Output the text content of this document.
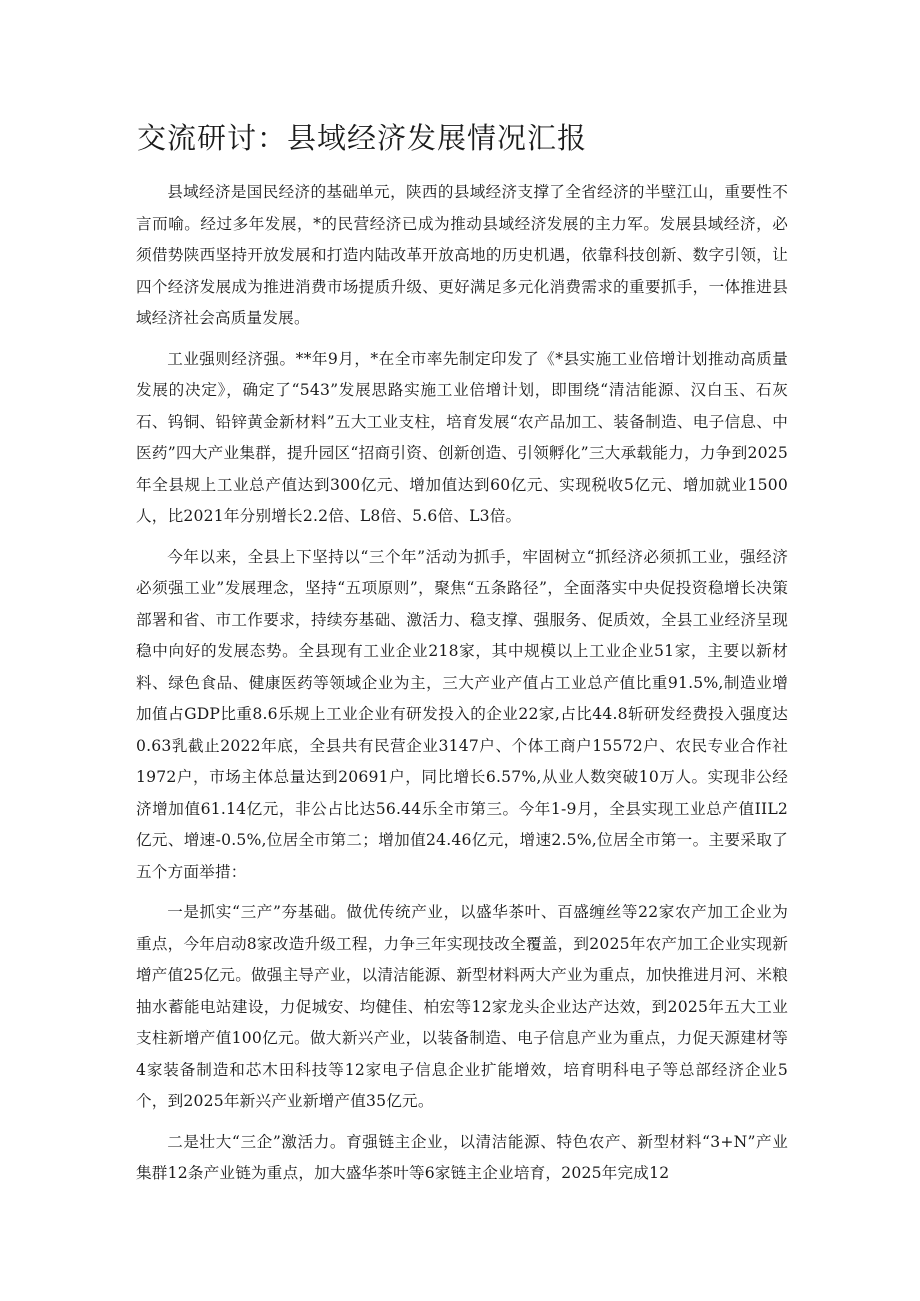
交流研讨：县域经济发展情况汇报

县域经济是国民经济的基础单元，陕西的县域经济支撑了全省经济的半壁江山，重要性不言而喻。经过多年发展，*的民营经济已成为推动县域经济发展的主力军。发展县域经济，必须借势陕西坚持开放发展和打造内陆改革开放高地的历史机遇，依靠科技创新、数字引领，让四个经济发展成为推进消费市场提质升级、更好满足多元化消费需求的重要抓手，一体推进县域经济社会高质量发展。

工业强则经济强。**年9月，*在全市率先制定印发了《*县实施工业倍增计划推动高质量发展的决定》，确定了“543”发展思路实施工业倍增计划，即围绕“清洁能源、汉白玉、石灰石、钨铜、铅锌黄金新材料”五大工业支柱，培育发展“农产品加工、装备制造、电子信息、中医药”四大产业集群，提升园区“招商引资、创新创造、引领孵化”三大承载能力，力争到2025年全县规上工业总产值达到300亿元、增加值达到60亿元、实现税收5亿元、增加就业1500人，比2021年分别增长2.2倍、L8倍、5.6倍、L3倍。

今年以来，全县上下坚持以“三个年”活动为抓手，牢固树立“抓经济必须抓工业，强经济必须强工业”发展理念，坚持“五项原则”，聚焦“五条路径”，全面落实中央促投资稳增长决策部署和省、市工作要求，持续夯基础、激活力、稳支撑、强服务、促质效，全县工业经济呈现稳中向好的发展态势。全县现有工业企业218家，其中规模以上工业企业51家，主要以新材料、绿色食品、健康医药等领域企业为主，三大产业产值占工业总产值比重91.5%,制造业增加值占GDP比重8.6乐规上工业企业有研发投入的企业22家,占比44.8斩研发经费投入强度达0.63乳截止2022年底，全县共有民营企业3147户、个体工商户15572户、农民专业合作社1972户，市场主体总量达到20691户，同比增长6.57%,从业人数突破10万人。实现非公经济增加值61.14亿元，非公占比达56.44乐全市第三。今年1-9月，全县实现工业总产值IIL2亿元、增速-0.5%,位居全市第二；增加值24.46亿元，增速2.5%,位居全市第一。主要采取了五个方面举措：

一是抓实“三产”夯基础。做优传统产业，以盛华茶叶、百盛缠丝等22家农产加工企业为重点，今年启动8家改造升级工程，力争三年实现技改全覆盖，到2025年农产加工企业实现新增产值25亿元。做强主导产业，以清洁能源、新型材料两大产业为重点，加快推进月河、米粮抽水蓄能电站建设，力促城安、均健佳、柏宏等12家龙头企业达产达效，到2025年五大工业支柱新增产值100亿元。做大新兴产业，以装备制造、电子信息产业为重点，力促天源建材等4家装备制造和芯木田科技等12家电子信息企业扩能增效，培育明科电子等总部经济企业5个，到2025年新兴产业新增产值35亿元。

二是壮大“三企”激活力。育强链主企业，以清洁能源、特色农产、新型材料“3+N”产业集群12条产业链为重点，加大盛华茶叶等6家链主企业培育，2025年完成12
